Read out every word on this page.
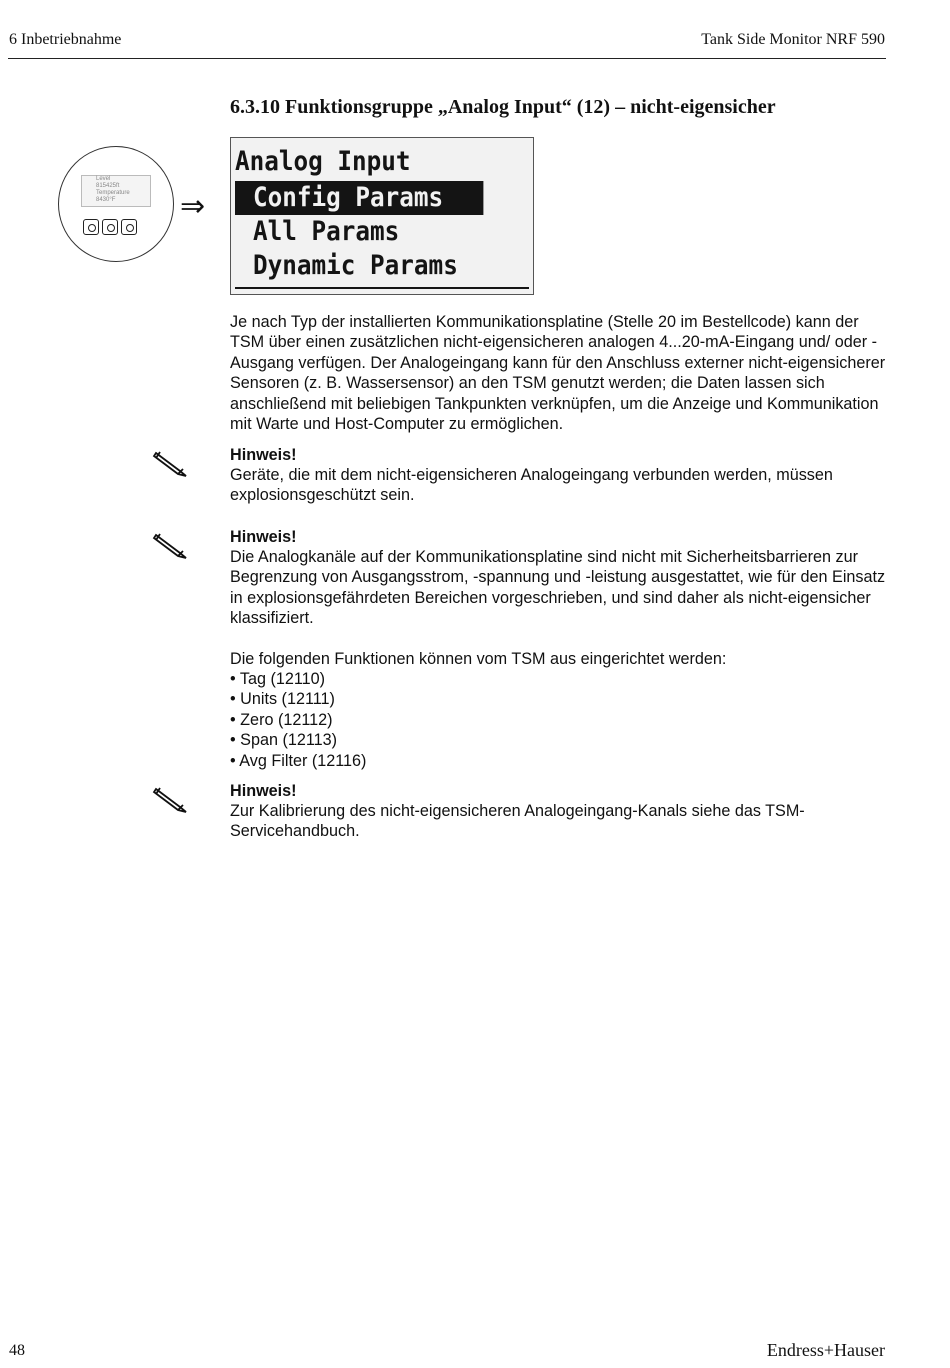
6 Inbetriebnahme	Tank Side Monitor NRF 590
6.3.10 Funktionsgruppe „Analog Input“ (12) – nicht-eigensicher
Level
815425ft
Temperature
8430°F	⇒
Analog Input
Config Params
All Params
Dynamic Params
Je nach Typ der installierten Kommunikationsplatine (Stelle 20 im Bestellcode) kann der TSM über einen zusätzlichen nicht-eigensicheren analogen 4...20-mA-Eingang und/ oder -Ausgang verfügen. Der Analogeingang kann für den Anschluss externer nicht-eigensicherer Sensoren (z. B. Wassersensor) an den TSM genutzt werden; die Daten lassen sich anschließend mit beliebigen Tankpunkten verknüpfen, um die Anzeige und Kommunikation mit Warte und Host-Computer zu ermöglichen.
Hinweis!
Geräte, die mit dem nicht-eigensicheren Analogeingang verbunden werden, müssen explosionsgeschützt sein.
Hinweis!
Die Analogkanäle auf der Kommunikationsplatine sind nicht mit Sicherheitsbarrieren zur Begrenzung von Ausgangsstrom, -spannung und -leistung ausgestattet, wie für den Einsatz in explosionsgefährdeten Bereichen vorgeschrieben, und sind daher als nicht-eigensicher klassifiziert.
Die folgenden Funktionen können vom TSM aus eingerichtet werden:
• Tag (12110)
• Units (12111)
• Zero (12112)
• Span (12113)
• Avg Filter (12116)
Hinweis!
Zur Kalibrierung des nicht-eigensicheren Analogeingang-Kanals siehe das TSM-Servicehandbuch.
48	Endress+Hauser
